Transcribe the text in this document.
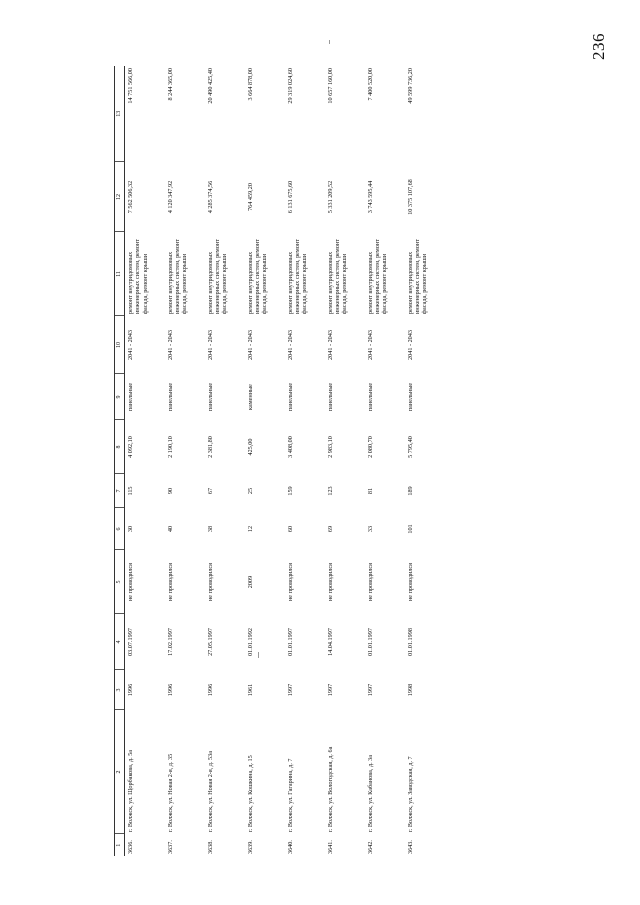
236
1	2	3	4	5	6	7	8	9	10	11	12	13
3636.	г. Волжск, ул. Щорбакова, д. 5а	1996	03.07.1997	не проводился	30	115	4 092,10	панельные	2041 - 2043	ремонт внутридомовых инженерных систем, ремонт фасада, ремонт крыши	7 562 506,32	14 751 566,00
3637.	г. Волжск, ул. Новая 2-я, д. 35	1996	17.02.1997	не проводился	40	90	2 190,10	панельные	2041 - 2043	ремонт внутридомовых инженерных систем, ремонт фасада, ремонт крыши	4 120 347,92	8 244 365,00
3638.	г. Волжск, ул. Новая 2-я, д. 53а	1996	27.05.1997	не проводился	38	67	2 381,80	панельные	2041 - 2043	ремонт внутридомовых инженерных систем, ремонт фасада, ремонт крыши	4 285 374,56	20 490 425,40
3639.	г. Волжск, ул. Кошкина, д. 15	1961	01.01.1992	2009	12	25	425,00	каменные	2041 - 2043	ремонт внутридомовых инженерных систем, ремонт фасада, ремонт крыши	764 459,20	3 664 878,00
3640.	г. Волжск, ул. Гагарина, д. 7	1997	01.01.1997	не проводился	60	159	3 408,00	панельные	2041 - 2043	ремонт внутридомовых инженерных систем, ремонт фасада, ремонт крыши	6 131 675,60	29 319 024,60
3641.	г. Волжск, ул. Вологодская, д. 6а	1997	14.04.1997	не проводился	69	123	2 983,10	панельные	2041 - 2043	ремонт внутридомовых инженерных систем, ремонт фасада, ремонт крыши	5 331 209,52	10 657 160,00
3642.	г. Волжск, ул. Кабанова, д. 3а	1997	01.01.1997	не проводился	33	81	2 080,70	панельные	2041 - 2043	ремонт внутридомовых инженерных систем, ремонт фасада, ремонт крыши	3 743 595,44	7 400 520,00
3643.	г. Волжск, ул. Заводская, д. 7	1998	01.01.1998	не проводился	101	189	5 795,40	панельные	2041 - 2043	ремонт внутридомовых инженерных систем, ремонт фасада, ремонт крыши	10 375 107,68	49 599 736,20
